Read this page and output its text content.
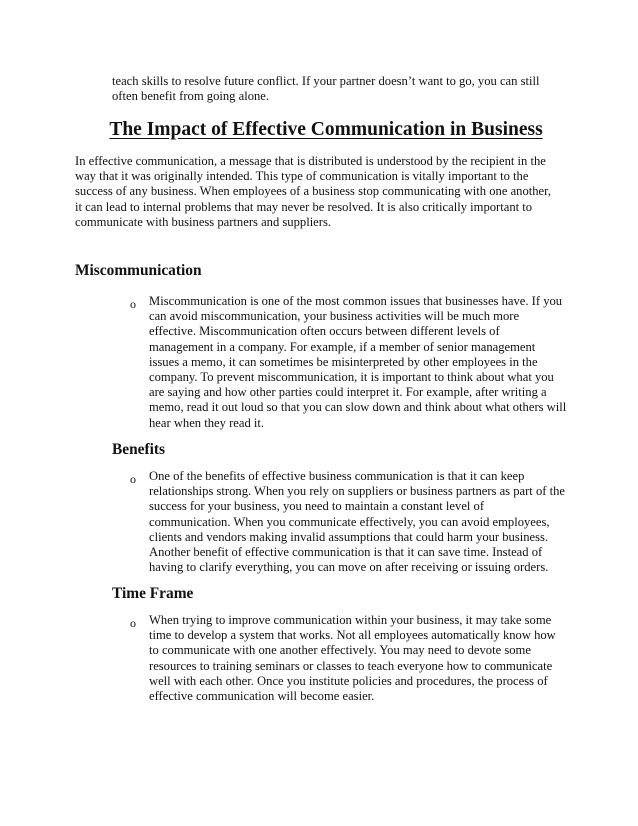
teach skills to resolve future conflict. If your partner doesn’t want to go, you can still often benefit from going alone.

The Impact of Effective Communication in Business

In effective communication, a message that is distributed is understood by the recipient in the way that it was originally intended. This type of communication is vitally important to the success of any business. When employees of a business stop communicating with one another, it can lead to internal problems that may never be resolved. It is also critically important to communicate with business partners and suppliers.

Miscommunication
o Miscommunication is one of the most common issues that businesses have. If you can avoid miscommunication, your business activities will be much more effective. Miscommunication often occurs between different levels of management in a company. For example, if a member of senior management issues a memo, it can sometimes be misinterpreted by other employees in the company. To prevent miscommunication, it is important to think about what you are saying and how other parties could interpret it. For example, after writing a memo, read it out loud so that you can slow down and think about what others will hear when they read it.

Benefits
o One of the benefits of effective business communication is that it can keep relationships strong. When you rely on suppliers or business partners as part of the success for your business, you need to maintain a constant level of communication. When you communicate effectively, you can avoid employees, clients and vendors making invalid assumptions that could harm your business. Another benefit of effective communication is that it can save time. Instead of having to clarify everything, you can move on after receiving or issuing orders.

Time Frame
o When trying to improve communication within your business, it may take some time to develop a system that works. Not all employees automatically know how to communicate with one another effectively. You may need to devote some resources to training seminars or classes to teach everyone how to communicate well with each other. Once you institute policies and procedures, the process of effective communication will become easier.
